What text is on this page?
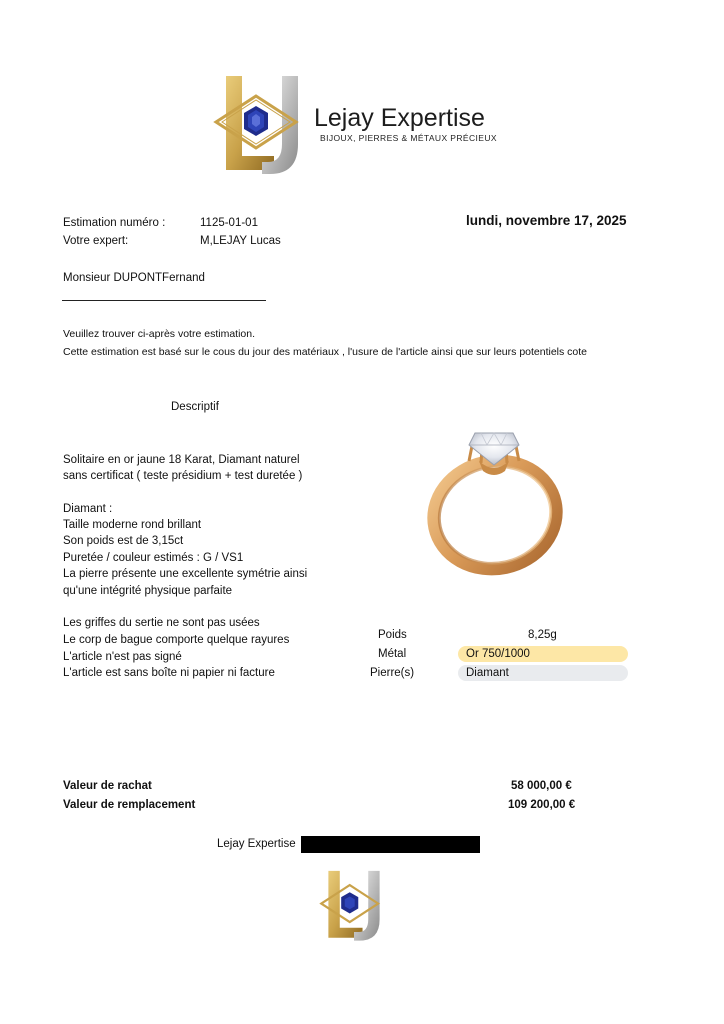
Lejay Expertise
BIJOUX, PIERRES & MÉTAUX PRÉCIEUX
Estimation numéro :	1125-01-01
Votre expert:	M,LEJAY Lucas
lundi, novembre 17, 2025
Monsieur DUPONTFernand
Veuillez trouver ci-après votre estimation.
Cette estimation est basé sur le cous du jour des matériaux , l'usure de l'article ainsi que sur leurs potentiels cote
Descriptif
Solitaire en or jaune 18 Karat, Diamant naturel
sans certificat ( teste présidium + test duretée )
Diamant :
Taille moderne rond brillant
Son poids est de 3,15ct
Puretée / couleur estimés : G / VS1
La pierre présente une excellente symétrie ainsi
qu'une intégrité physique parfaite
Les griffes du sertie ne sont pas usées
Le corp de bague comporte quelque rayures
L'article n'est pas signé
L'article est sans boîte ni papier ni facture
Poids	8,25g
Métal	Or 750/1000
Pierre(s)	Diamant
Valeur de rachat	58 000,00 €
Valeur de remplacement	109 200,00 €
Lejay Expertise
